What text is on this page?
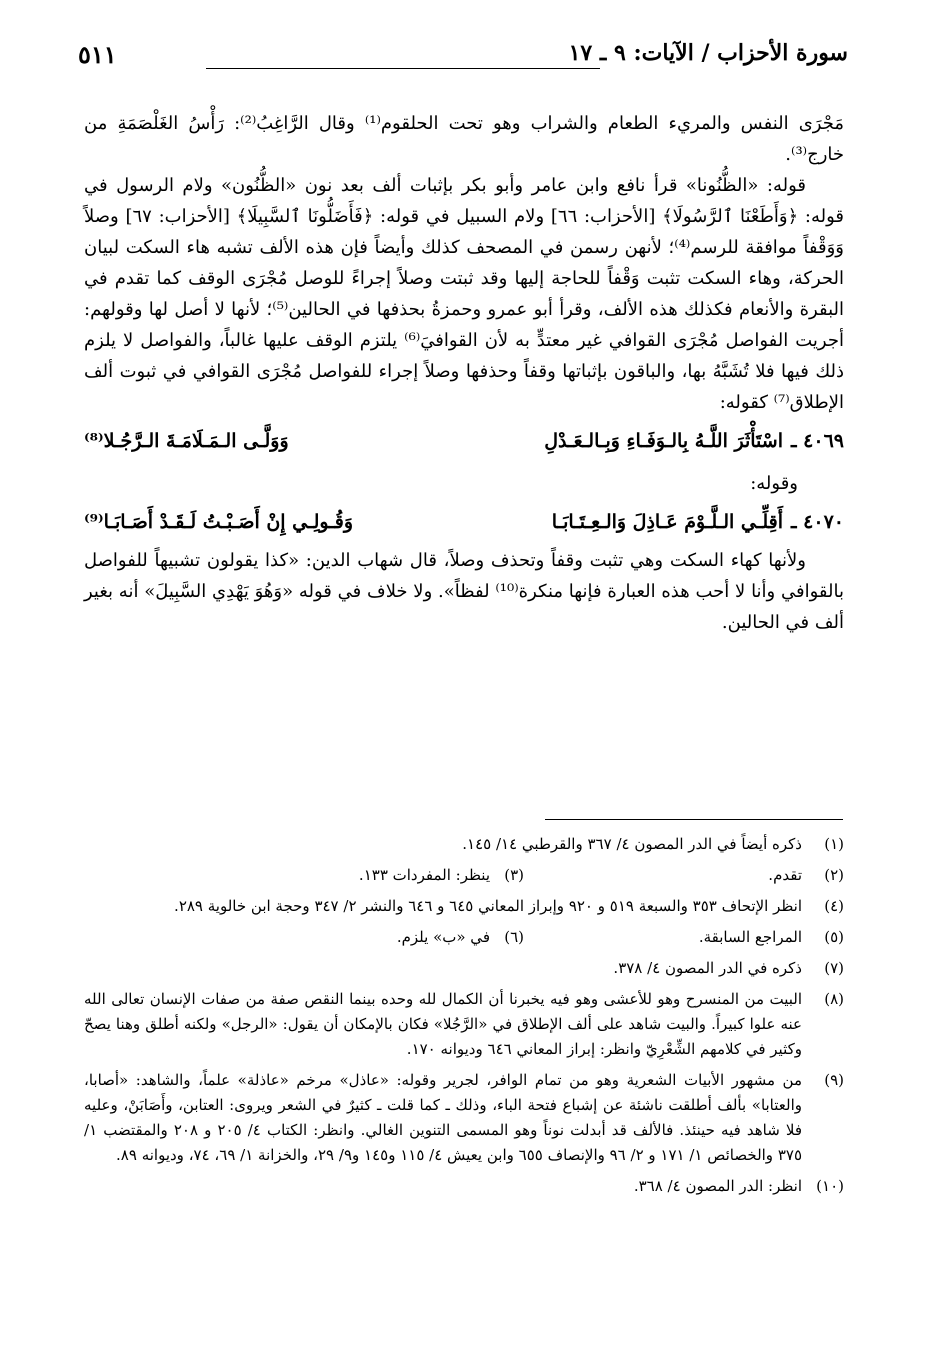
سورة الأحزاب / الآيات: ٩ ـ ١٧
٥١١

مَجْرَى النفس والمريء الطعام والشراب وهو تحت الحلقوم⁽¹⁾ وقال الرَّاغِبُ⁽²⁾: رَأْسُ الغَلْصَمَةِ من خارج⁽³⁾.

قوله: «الظُّنُونا» قرأ نافع وابن عامر وأبو بكر بإثبات ألف بعد نون «الظُّنُون» ولام الرسول في قوله: ﴿وَأَطَعْنَا ٱلرَّسُولَا﴾ [الأحزاب: ٦٦] ولام السبيل في قوله: ﴿فَأَضَلُّونَا ٱلسَّبِيلَا﴾ [الأحزاب: ٦٧] وصلاً وَوَقْفاً موافقة للرسم⁽⁴⁾؛ لأنهن رسمن في المصحف كذلك وأيضاً فإن هذه الألف تشبه هاء السكت لبيان الحركة، وهاء السكت تثبت وَقْفاً للحاجة إليها وقد ثبتت وصلاً إجراءً للوصل مُجْرَى الوقف كما تقدم في البقرة والأنعام فكذلك هذه الألف، وقرأ أبو عمرو وحمزةُ بحذفها في الحالين⁽⁵⁾؛ لأنها لا أصل لها وقولهم: أجريت الفواصل مُجْرَى القوافي غير معتدٍّ به لأن القوافيَ⁽⁶⁾ يلتزم الوقف عليها غالباً، والفواصل لا يلزم ذلك فيها فلا تُشَبَّهُ بها، والباقون بإثباتها وقفاً وحذفها وصلاً إجراء للفواصل مُجْرَى القوافي في ثبوت ألف الإطلاق⁽⁷⁾ كقوله:

٤٠٦٩ ـ
اسْتَأْثَرَ اللَّـهُ بِالـوَفَـاءِ وَبِـالـعَـدْلِ
وَوَلَّـى الـمَـلَامَـةَ الـرَّجُـلا⁽⁸⁾

وقوله:

٤٠٧٠ ـ
أَقِلِّـي الـلَّـوْمَ عَـاذِلَ وَالـعِـتَـابَـا
وَقُـولِـي إِنْ أَصَـبْـتُ لَـقَـدْ أَصَـابَـا⁽⁹⁾

ولأنها كهاء السكت وهي تثبت وقفاً وتحذف وصلاً، قال شهاب الدين: «كذا يقولون تشبيهاً للفواصل بالقوافي وأنا لا أحب هذه العبارة فإنها منكرة⁽¹⁰⁾ لفظاً». ولا خلاف في قوله «وَهُوَ يَهْدِي السَّبِيلَ» أنه بغير ألف في الحالين.

(١)
ذكره أيضاً في الدر المصون ٤/ ٣٦٧ والقرطبي ١٤/ ١٤٥.
(٢)
تقدم.
(٣)
ينظر: المفردات ١٣٣.
(٤)
انظر الإتحاف ٣٥٣ والسبعة ٥١٩ و ٩٢٠ وإبراز المعاني ٦٤٥ و ٦٤٦ والنشر ٢/ ٣٤٧ وحجة ابن خالوية ٢٨٩.
(٥)
المراجع السابقة.
(٦)
في «ب» يلزم.
(٧)
ذكره في الدر المصون ٤/ ٣٧٨.
(٨)
البيت من المنسرح وهو للأعشى وهو فيه يخبرنا أن الكمال لله وحده بينما النقص صفة من صفات الإنسان تعالى الله عنه علوا كبيراً. والبيت شاهد على ألف الإطلاق في «الرَّجُلا» فكان بالإمكان أن يقول: «الرجل» ولكنه أطلق وهنا يصحّ وكثير في كلامهم الشِّعْرِيّ وانظر: إبراز المعاني ٦٤٦ وديوانه ١٧٠.
(٩)
من مشهور الأبيات الشعرية وهو من تمام الوافر، لجرير وقوله: «عاذل» مرخم «عاذلة» علماً، والشاهد: «أصابا، والعتابا» بألف أطلقت ناشئة عن إشباع فتحة الباء، وذلك ـ كما قلت ـ كثيرٌ في الشعر ويروى: العتابن، وأَصَابَنْ، وعليه فلا شاهد فيه حينئذ. فالألف قد أبدلت نوناً وهو المسمى التنوين الغالي. وانظر: الكتاب ٤/ ٢٠٥ و ٢٠٨ والمقتضب ١/ ٣٧٥ والخصائص ١/ ١٧١ و ٢/ ٩٦ والإنصاف ٦٥٥ وابن يعيش ٤/ ١١٥ و١٤٥ و٩/ ٢٩، والخزانة ١/ ٦٩، ٧٤، وديوانه ٨٩.
(١٠)
انظر: الدر المصون ٤/ ٣٦٨.
